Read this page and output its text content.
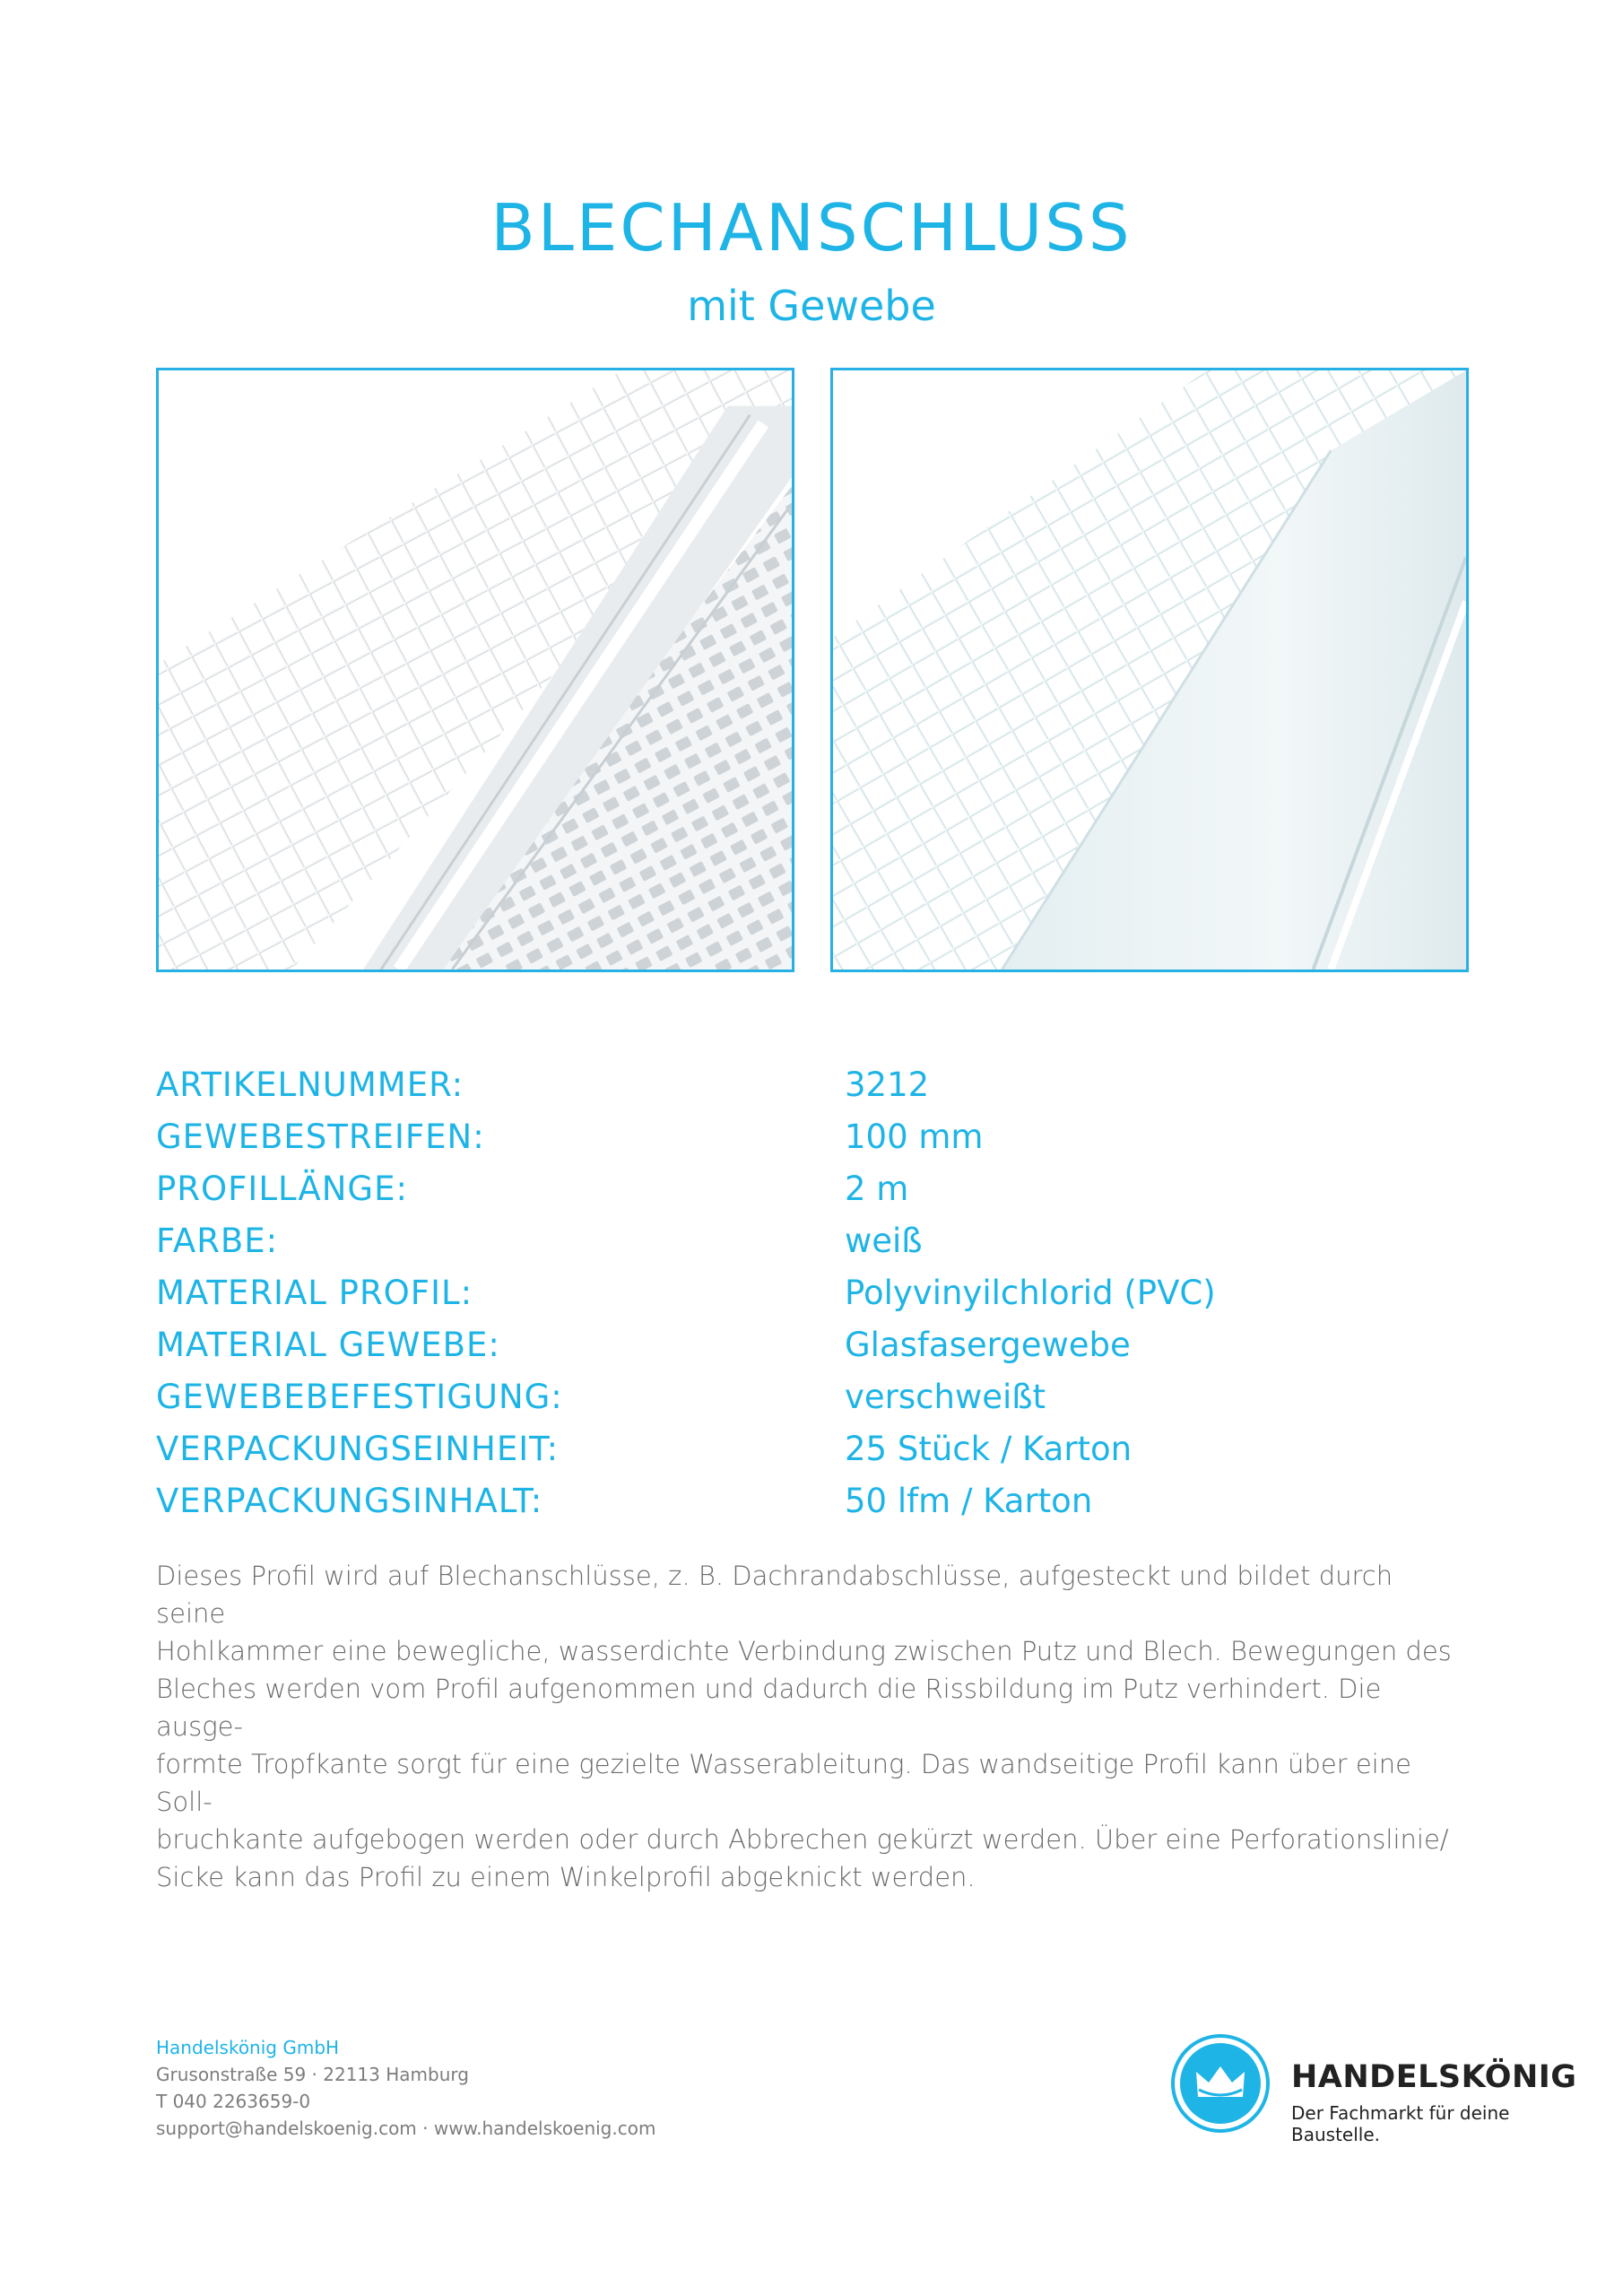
BLECHANSCHLUSS
mit Gewebe
ARTIKELNUMMER:	3212
GEWEBESTREIFEN:	100 mm
PROFILLÄNGE:	2 m
FARBE:	weiß
MATERIAL PROFIL:	Polyvinyilchlorid (PVC)
MATERIAL GEWEBE:	Glasfasergewebe
GEWEBEBEFESTIGUNG:	verschweißt
VERPACKUNGSEINHEIT:	25 Stück / Karton
VERPACKUNGSINHALT:	50 lfm / Karton

Dieses Profil wird auf Blechanschlüsse, z. B. Dachrandabschlüsse, aufgesteckt und bildet durch seine

Hohlkammer eine bewegliche, wasserdichte Verbindung zwischen Putz und Blech. Bewegungen des

Bleches werden vom Profil aufgenommen und dadurch die Rissbildung im Putz verhindert. Die ausge-

formte Tropfkante sorgt für eine gezielte Wasserableitung. Das wandseitige Profil kann über eine Soll-

bruchkante aufgebogen werden oder durch Abbrechen gekürzt werden. Über eine Perforationslinie/

Sicke kann das Profil zu einem Winkelprofil abgeknickt werden.

Handelskönig GmbH
Grusonstraße 59 · 22113 Hamburg
T 040 2263659-0
support@handelskoenig.com · www.handelskoenig.com
HANDELSKÖNIG
Der Fachmarkt für deine Baustelle.
